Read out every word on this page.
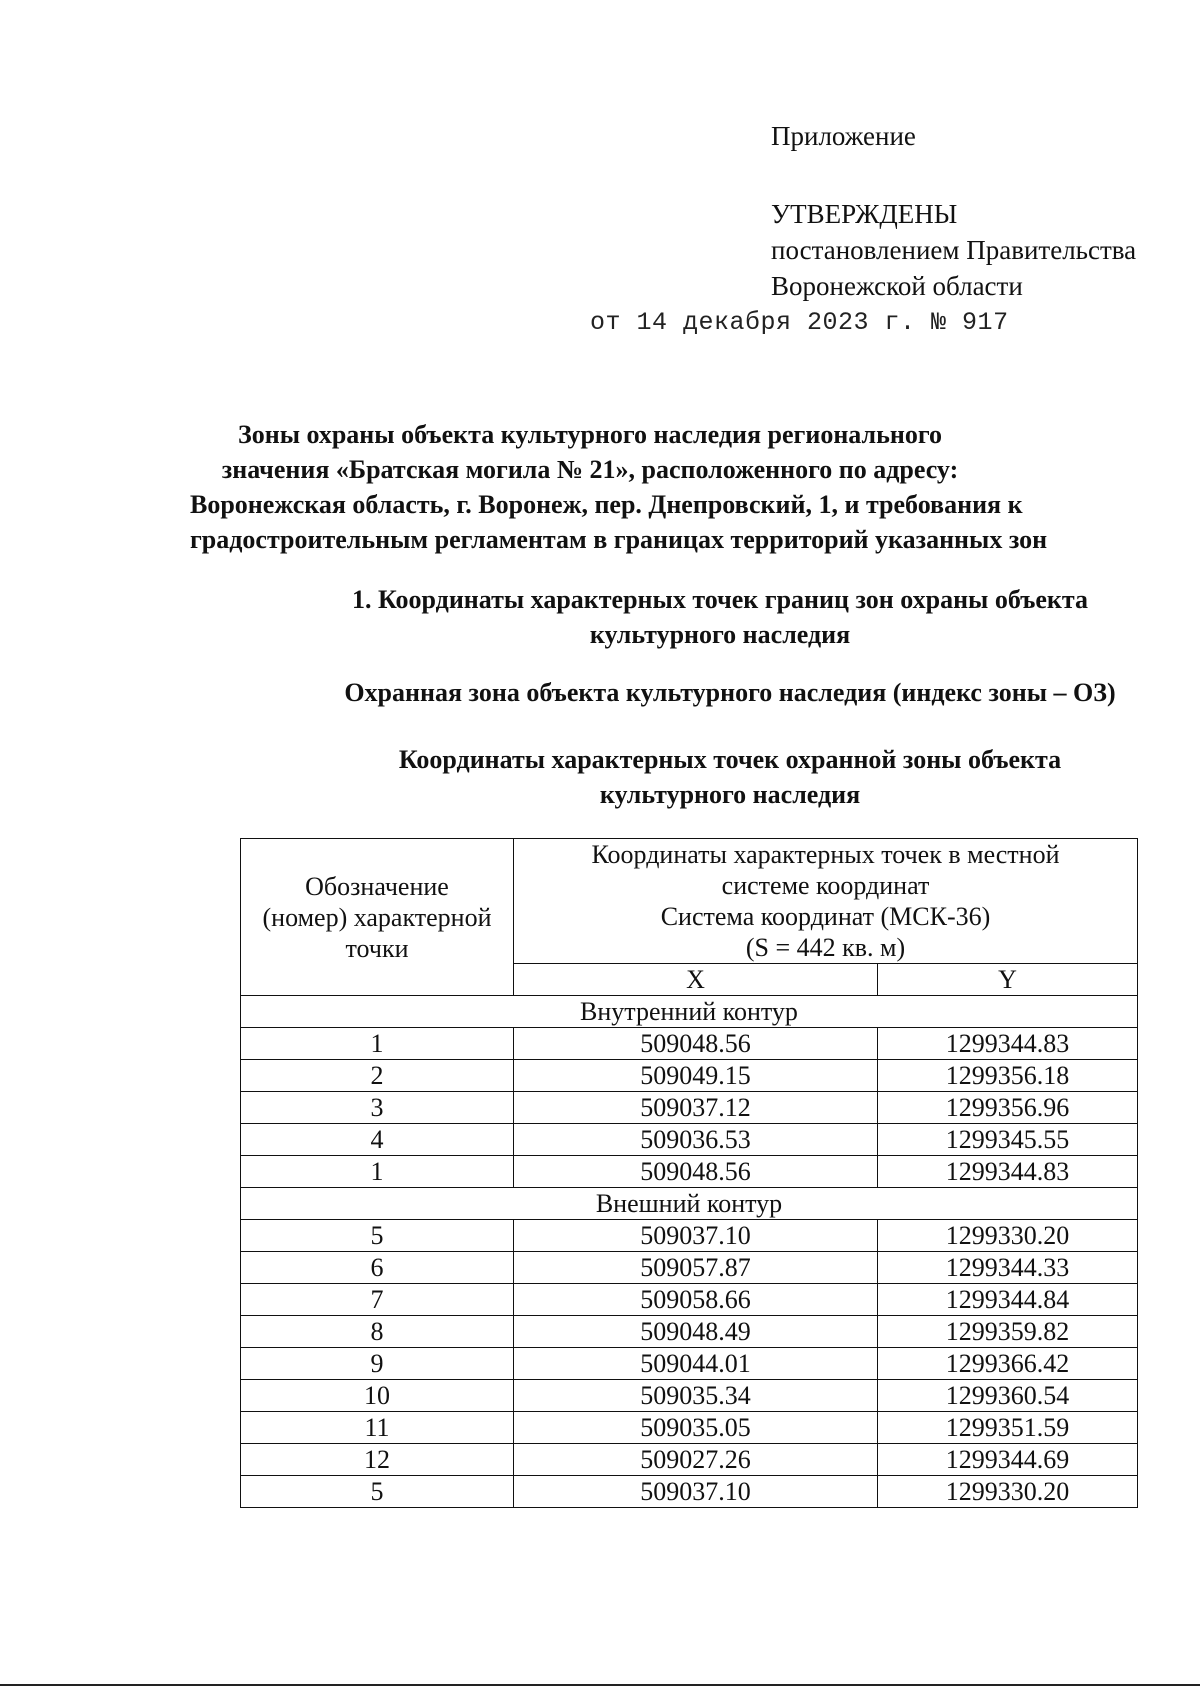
Приложение
УТВЕРЖДЕНЫ
постановлением Правительства
Воронежской области
от 14 декабря 2023 г. № 917
Зоны охраны объекта культурного наследия регионального
значения «Братская могила № 21», расположенного по адресу:
Воронежская область, г. Воронеж, пер. Днепровский, 1, и требования к
градостроительным регламентам в границах территорий указанных зон
1. Координаты характерных точек границ зон охраны объекта
культурного наследия
Охранная зона объекта культурного наследия (индекс зоны – ОЗ)
Координаты характерных точек охранной зоны объекта
культурного наследия
Обозначение
(номер) характерной
точки	Координаты характерных точек в местной
системе координат
Система координат (МСК-36)
(S = 442 кв. м)	

	X	Y
Внутренний контур		
1	509048.56	1299344.83
2	509049.15	1299356.18
3	509037.12	1299356.96
4	509036.53	1299345.55
1	509048.56	1299344.83
Внешний контур		
5	509037.10	1299330.20
6	509057.87	1299344.33
7	509058.66	1299344.84
8	509048.49	1299359.82
9	509044.01	1299366.42
10	509035.34	1299360.54
11	509035.05	1299351.59
12	509027.26	1299344.69
5	509037.10	1299330.20
